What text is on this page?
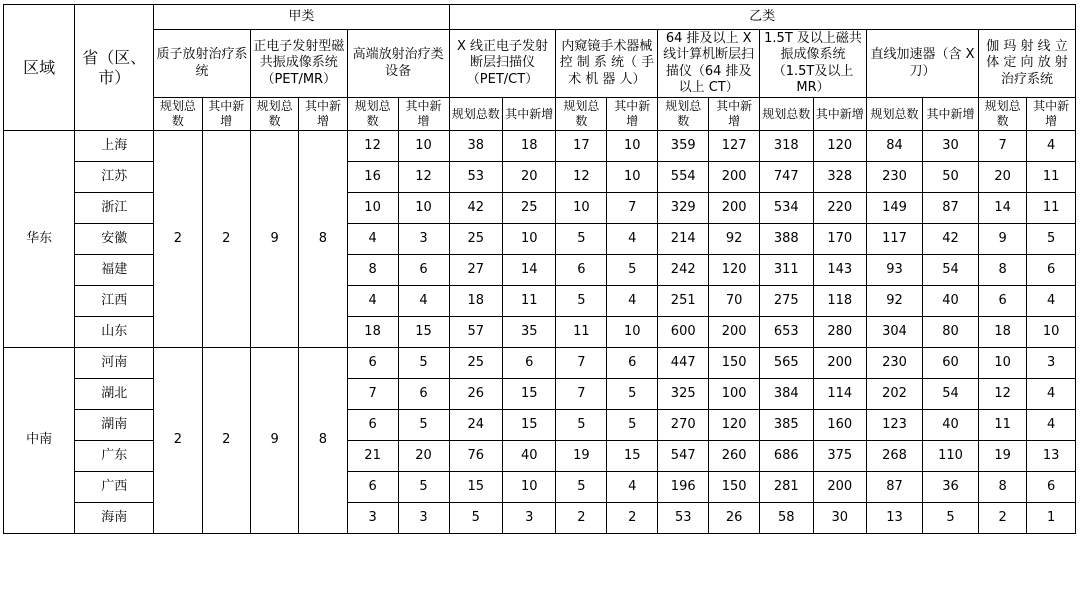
区域	省（区、市）	甲类						乙类											
		质子放射治疗系统		正电子发射型磁共振成像系统（PET/MR）		高端放射治疗类设备		X 线正电子发射断层扫描仪（PET/CT）		内窥镜手术器械 控 制 系 统（ 手 术 机 器 人）		64 排及以上 X 线计算机断层扫描仪（64 排及以上 CT）		1.5T 及以上磁共振成像系统（1.5T及以上 MR）		直线加速器（含 X 刀）		伽 玛 射 线 立体 定 向 放 射治疗系统	

		规划总数	其中新增	规划总数	其中新增	规划总数	其中新增	规划总数	其中新增	规划总数	其中新增	规划总数	其中新增	规划总数	其中新增	规划总数	其中新增	规划总数	其中新增
华东	上海	2	2	9	8	12	10	38	18	17	10	359	127	318	120	84	30	7	4
	江苏					16	12	53	20	12	10	554	200	747	328	230	50	20	11
	浙江					10	10	42	25	10	7	329	200	534	220	149	87	14	11
	安徽					4	3	25	10	5	4	214	92	388	170	117	42	9	5
	福建					8	6	27	14	6	5	242	120	311	143	93	54	8	6
	江西					4	4	18	11	5	4	251	70	275	118	92	40	6	4
	山东					18	15	57	35	11	10	600	200	653	280	304	80	18	10
中南	河南	2	2	9	8	6	5	25	6	7	6	447	150	565	200	230	60	10	3
	湖北					7	6	26	15	7	5	325	100	384	114	202	54	12	4
	湖南					6	5	24	15	5	5	270	120	385	160	123	40	11	4
	广东					21	20	76	40	19	15	547	260	686	375	268	110	19	13
	广西					6	5	15	10	5	4	196	150	281	200	87	36	8	6
	海南					3	3	5	3	2	2	53	26	58	30	13	5	2	1
